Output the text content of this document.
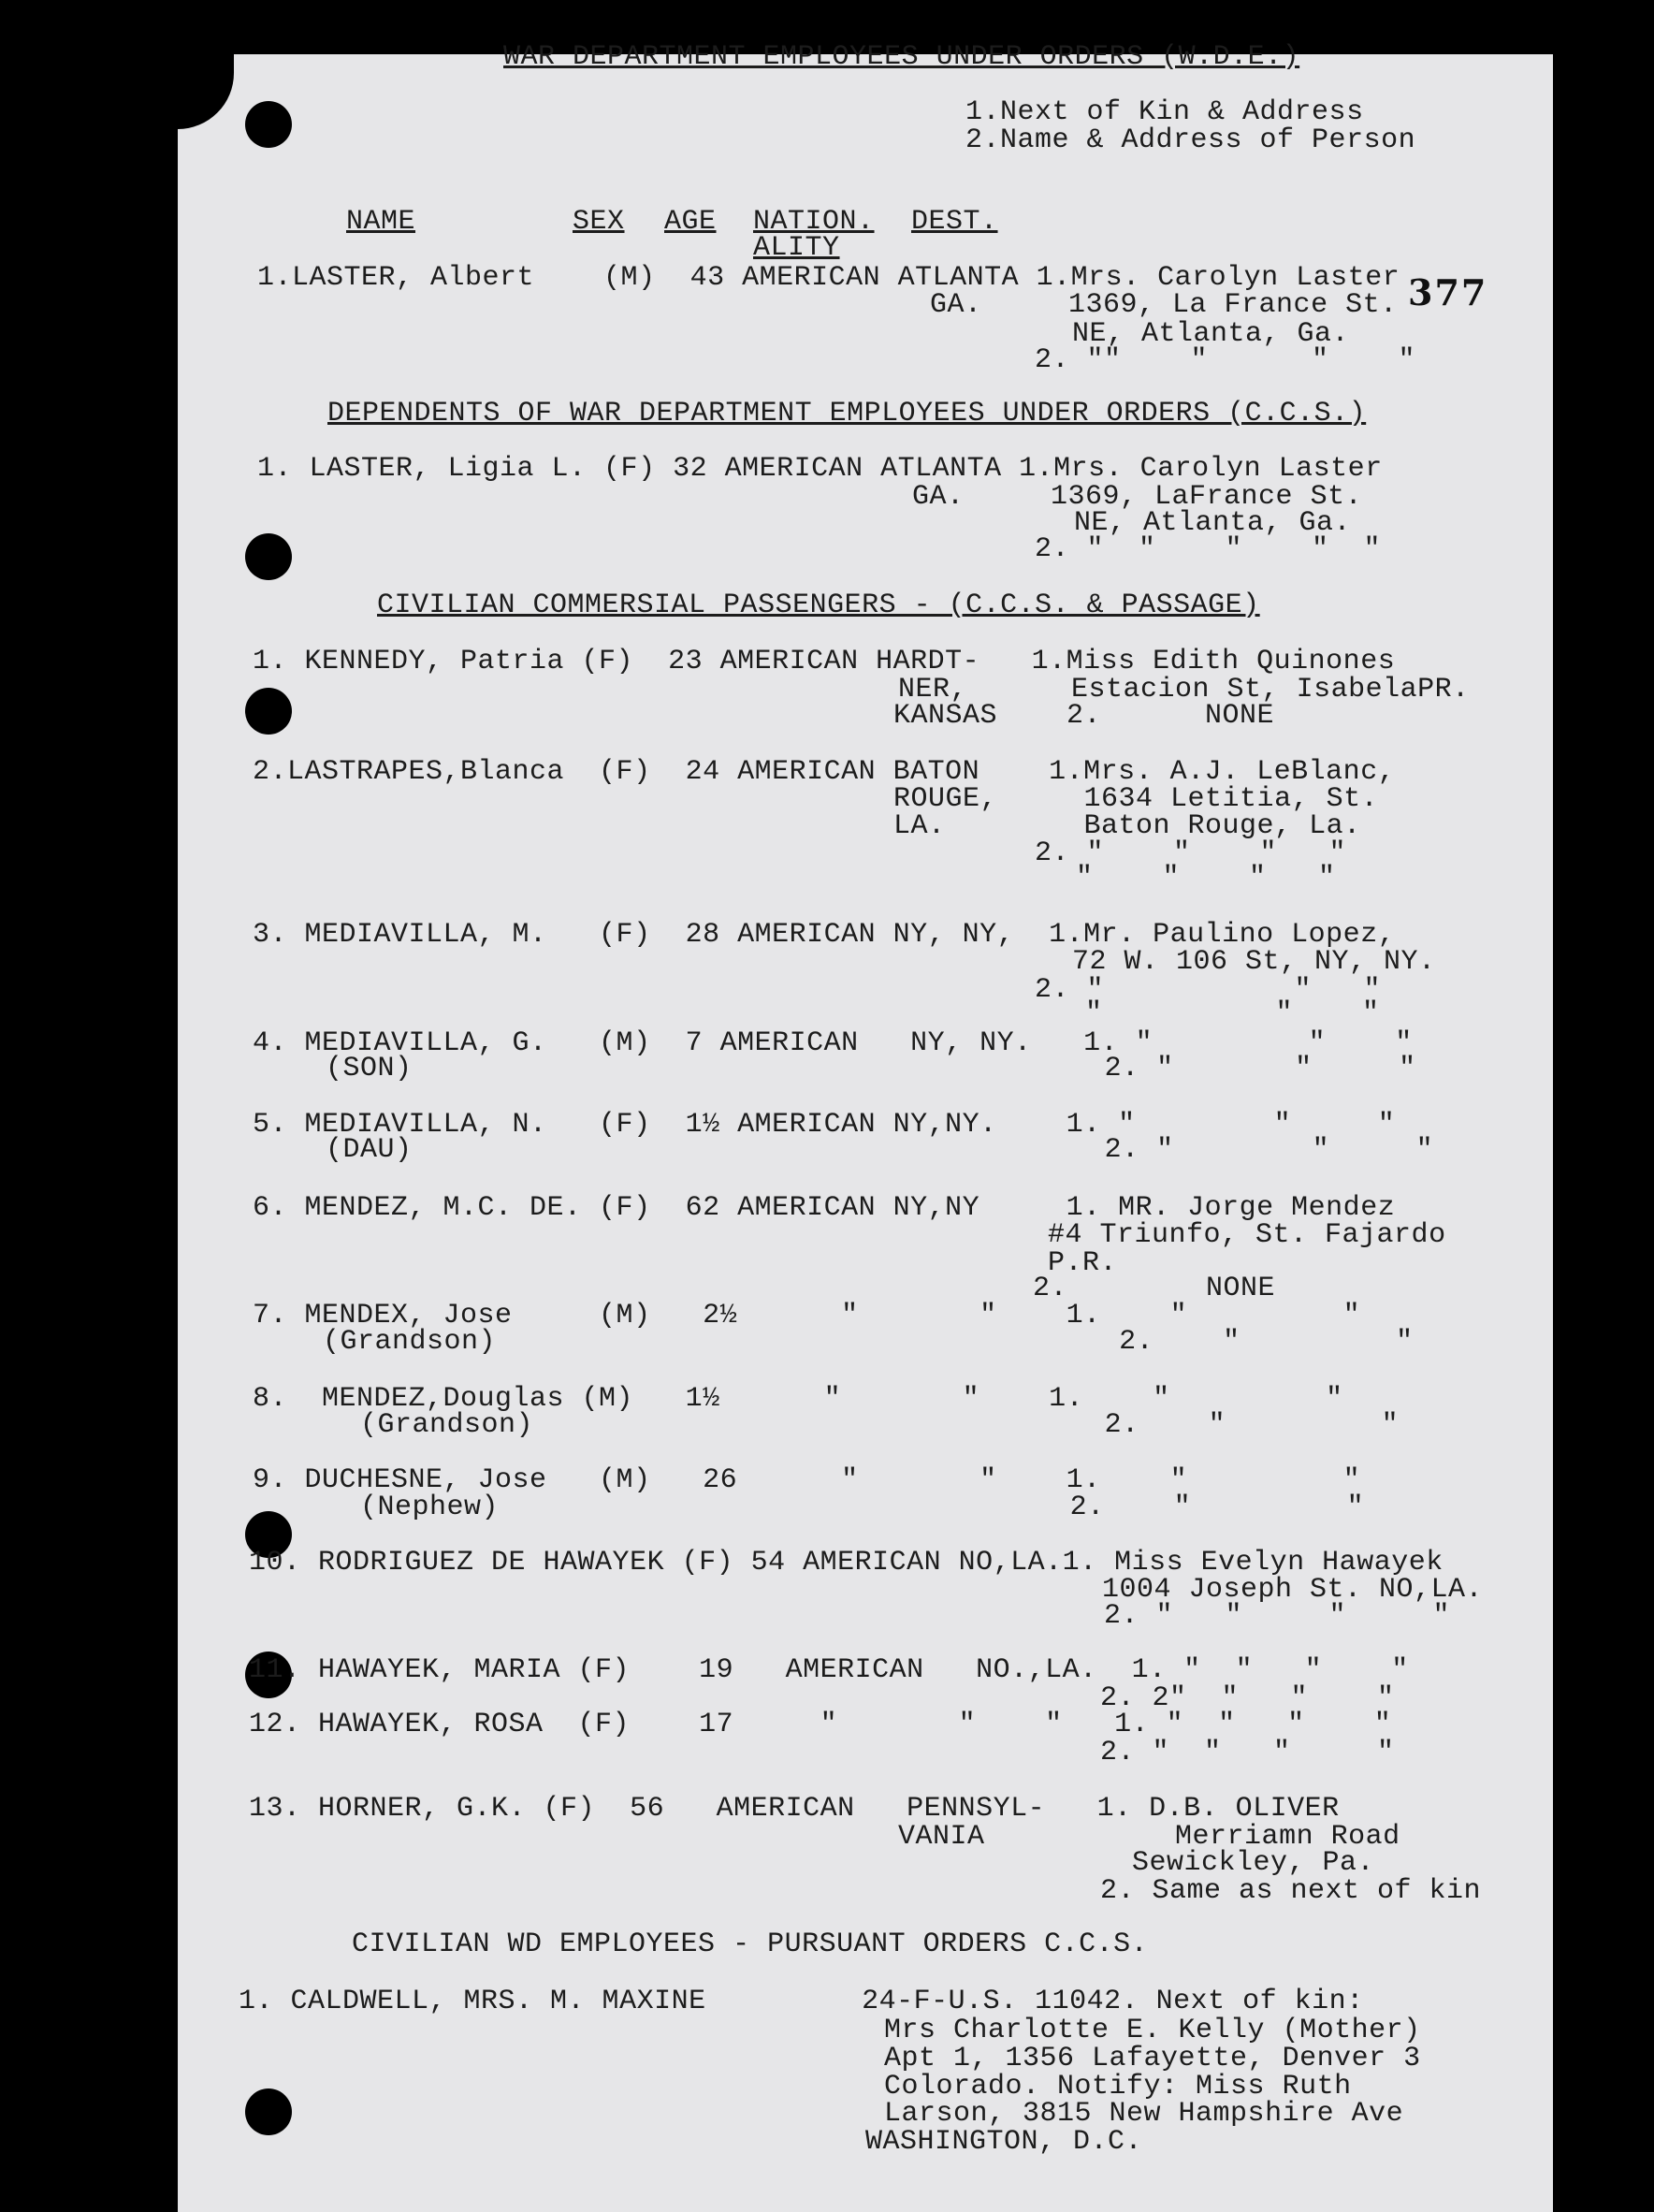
WAR DEPARTMENT EMPLOYEES UNDER ORDERS (W.D.E.)
1.Next of Kin & Address
2.Name & Address of Person
377
NAME	SEX AGE NATION.
ALITY
DEST.
1.LASTER, Albert    (M)  43 AMERICAN ATLANTA 1.Mrs. Carolyn Laster
GA.     1369, La France St.
NE, Atlanta, Ga.
2. ""    "      "    "
DEPENDENTS OF WAR DEPARTMENT EMPLOYEES UNDER ORDERS (C.C.S.)
1. LASTER, Ligia L. (F) 32 AMERICAN ATLANTA 1.Mrs. Carolyn Laster
GA.     1369, LaFrance St.
NE, Atlanta, Ga.
2. "  "    "    "  "
CIVILIAN COMMERSIAL PASSENGERS - (C.C.S. & PASSAGE)
1. KENNEDY, Patria (F)  23 AMERICAN HARDT-   1.Miss Edith Quinones
NER,      Estacion St, IsabelaPR.
KANSAS    2.      NONE
2.LASTRAPES,Blanca  (F)  24 AMERICAN BATON    1.Mrs. A.J. LeBlanc,
ROUGE,     1634 Letitia, St.
LA.        Baton Rouge, La.
2. "    "    "   "
"    "    "   "
3. MEDIAVILLA, M.   (F)  28 AMERICAN NY, NY,  1.Mr. Paulino Lopez,
72 W. 106 St, NY, NY.
2. "           "   "
"          "    "
4. MEDIAVILLA, G.   (M)  7 AMERICAN   NY, NY.   1. "         "    "
(SON)                                        2. "       "     "
5. MEDIAVILLA, N.   (F)  1½ AMERICAN NY,NY.    1. "        "     "
(DAU)                                        2. "        "     "
6. MENDEZ, M.C. DE. (F)  62 AMERICAN NY,NY     1. MR. Jorge Mendez
#4 Triunfo, St. Fajardo
P.R.
2.        NONE
7. MENDEX, Jose     (M)   2½      "       "    1.    "         "
(Grandson)                                    2.    "         "
8.  MENDEZ,Douglas (M)   1½      "       "    1.    "         "
(Grandson)                                 2.    "         "
9. DUCHESNE, Jose   (M)   26      "       "    1.    "         "
(Nephew)                                 2.    "         "
10. RODRIGUEZ DE HAWAYEK (F) 54 AMERICAN NO,LA.1. Miss Evelyn Hawayek
1004 Joseph St. NO,LA.
2. "   "     "     "
11. HAWAYEK, MARIA (F)    19   AMERICAN   NO.,LA.  1. "  "   "    "
2. 2"  "   "    "
12. HAWAYEK, ROSA  (F)    17     "       "    "   1. "  "   "    "
2. "  "   "     "
13. HORNER, G.K. (F)  56   AMERICAN   PENNSYL-   1. D.B. OLIVER
VANIA           Merriamn Road
Sewickley, Pa.
2. Same as next of kin
CIVILIAN WD EMPLOYEES - PURSUANT ORDERS C.C.S.
1. CALDWELL, MRS. M. MAXINE         24-F-U.S. 11042. Next of kin:
Mrs Charlotte E. Kelly (Mother)
Apt 1, 1356 Lafayette, Denver 3
Colorado. Notify: Miss Ruth
Larson, 3815 New Hampshire Ave
WASHINGTON, D.C.
